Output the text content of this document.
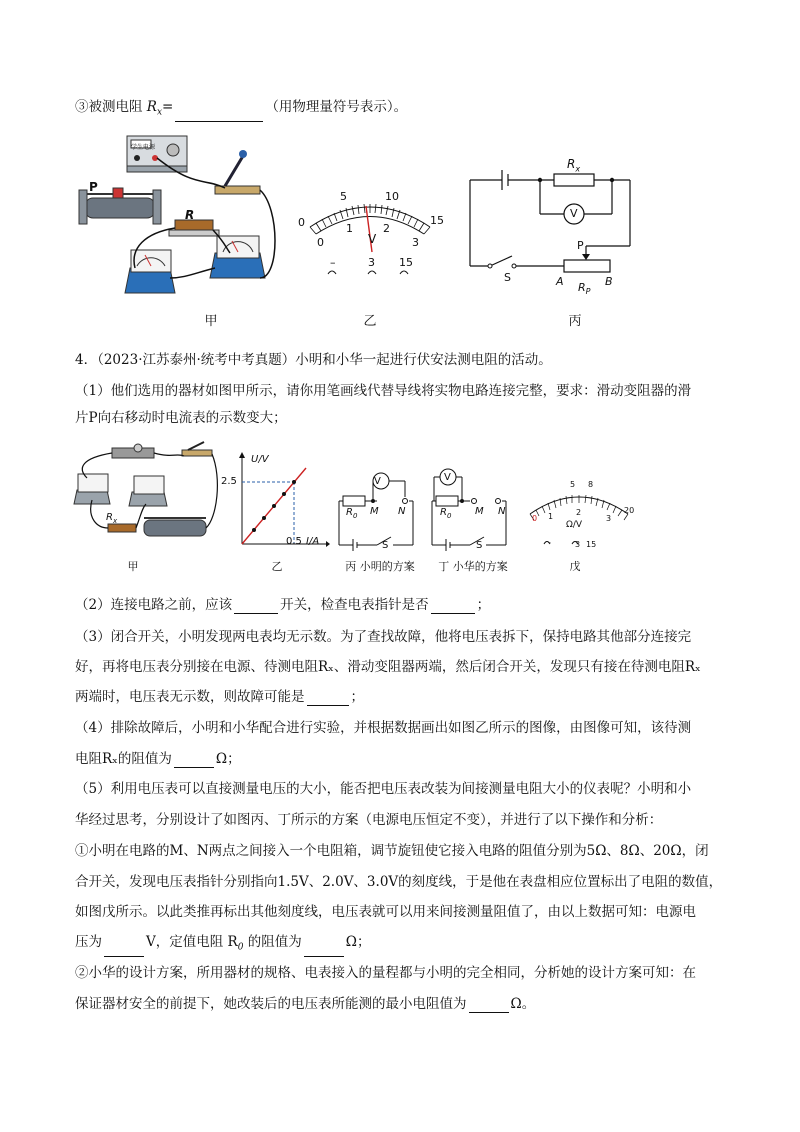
③被测电阻 $R_x=$	（用物理量符号表示）。
P
R
学生电源
0
5	10
15
0
1	2
3
V
–	3 15
$R_x$
V
P
S	A	B
$R_P$
甲	乙	丙
4．（2023·江苏泰州·统考中考真题）小明和小华一起进行伏安法测电阻的活动。
（1）他们选用的器材如图甲所示，请你用笔画线代替导线将实物电路连接完整，要求：滑动变阻器的滑
片P向右移动时电流表的示数变大；
$R_x$
U/V
2.5
0.5 I/A
V
$R_0$ M N
S
V
$R_0$ M N
S
0
5 8
20
1	2
3
Ω/V
-	3 15
甲	乙	丙 小明的方案	丁 小华的方案	戊
（2）连接电路之前，应该	开关，检查电表指针是否	；
（3）闭合开关，小明发现两电表均无示数。为了查找故障，他将电压表拆下，保持电路其他部分连接完
好，再将电压表分别接在电源、待测电阻Rₓ、滑动变阻器两端，然后闭合开关，发现只有接在待测电阻Rₓ
两端时，电压表无示数，则故障可能是	；
（4）排除故障后，小明和小华配合进行实验，并根据数据画出如图乙所示的图像，由图像可知，该待测
电阻Rₓ的阻值为	Ω；
（5）利用电压表可以直接测量电压的大小，能否把电压表改装为间接测量电阻大小的仪表呢？小明和小
华经过思考，分别设计了如图丙、丁所示的方案（电源电压恒定不变），并进行了以下操作和分析：
①小明在电路的M、N两点之间接入一个电阻箱，调节旋钮使它接入电路的阻值分别为5Ω、8Ω、20Ω，闭
合开关，发现电压表指针分别指向1.5V、2.0V、3.0V的刻度线，于是他在表盘相应位置标出了电阻的数值，
如图戊所示。以此类推再标出其他刻度线，电压表就可以用来间接测量阻值了，由以上数据可知：电源电
压为	V，定值电阻 $R_0$ 的阻值为	Ω；
②小华的设计方案，所用器材的规格、电表接入的量程都与小明的完全相同，分析她的设计方案可知：在
保证器材安全的前提下，她改装后的电压表所能测的最小电阻值为	Ω。
